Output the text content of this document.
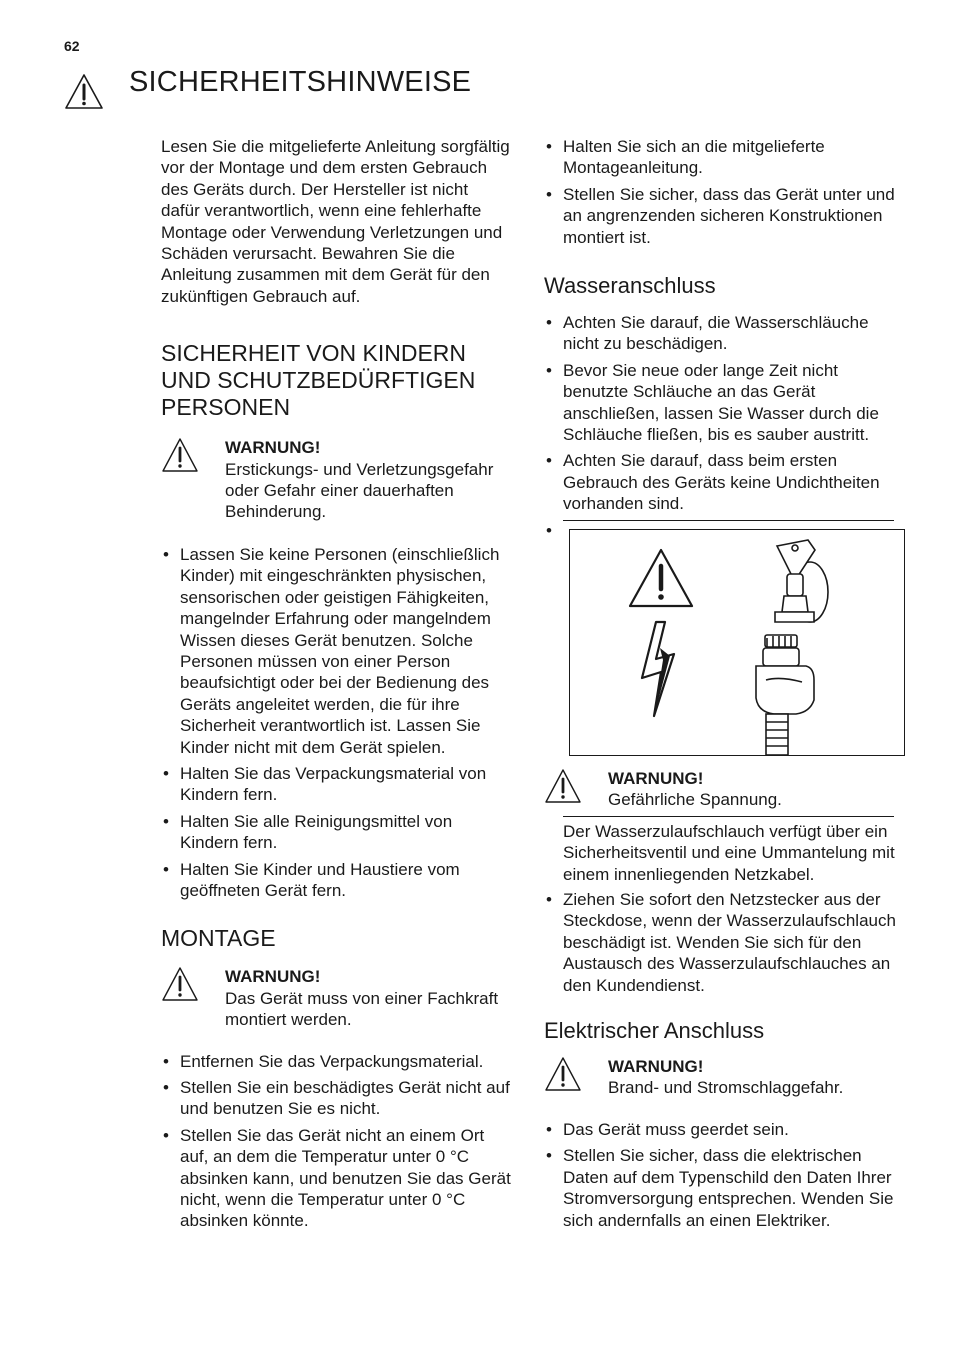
62
SICHERHEITSHINWEISE

Lesen Sie die mitgelieferte Anleitung sorgfältig vor der Montage und dem ersten Gebrauch des Geräts durch. Der Hersteller ist nicht dafür verantwortlich, wenn eine fehlerhafte Montage oder Verwendung Verletzungen und Schäden verursacht. Bewahren Sie die Anleitung zusammen mit dem Gerät für den zukünftigen Gebrauch auf.

SICHERHEIT VON KINDERN UND SCHUTZBEDÜRFTIGEN PERSONEN
WARNUNG!
Erstickungs- und Verletzungsgefahr oder Gefahr einer dauerhaften Behinderung.
• Lassen Sie keine Personen (einschließlich Kinder) mit eingeschränkten physischen, sensorischen oder geistigen Fähigkeiten, mangelnder Erfahrung oder mangelndem Wissen dieses Gerät benutzen. Solche Personen müssen von einer Person beaufsichtigt oder bei der Bedienung des Geräts angeleitet werden, die für ihre Sicherheit verantwortlich ist. Lassen Sie Kinder nicht mit dem Gerät spielen.
• Halten Sie das Verpackungsmaterial von Kindern fern.
• Halten Sie alle Reinigungsmittel von Kindern fern.
• Halten Sie Kinder und Haustiere vom geöffneten Gerät fern.
MONTAGE
WARNUNG!
Das Gerät muss von einer Fachkraft montiert werden.
• Entfernen Sie das Verpackungsmaterial.
• Stellen Sie ein beschädigtes Gerät nicht auf und benutzen Sie es nicht.
• Stellen Sie das Gerät nicht an einem Ort auf, an dem die Temperatur unter 0 °C absinken kann, und benutzen Sie das Gerät nicht, wenn die Temperatur unter 0 °C absinken könnte.
• Halten Sie sich an die mitgelieferte Montageanleitung.
• Stellen Sie sicher, dass das Gerät unter und an angrenzenden sicheren Konstruktionen montiert ist.
Wasseranschluss
• Achten Sie darauf, die Wasserschläuche nicht zu beschädigen.
• Bevor Sie neue oder lange Zeit nicht benutzte Schläuche an das Gerät anschließen, lassen Sie Wasser durch die Schläuche fließen, bis es sauber austritt.
• Achten Sie darauf, dass beim ersten Gebrauch des Geräts keine Undichtheiten vorhanden sind.
•
WARNUNG!
Gefährliche Spannung.

Der Wasserzulaufschlauch verfügt über ein Sicherheitsventil und eine Ummantelung mit einem innenliegenden Netzkabel.

• Ziehen Sie sofort den Netzstecker aus der Steckdose, wenn der Wasserzulaufschlauch beschädigt ist. Wenden Sie sich für den Austausch des Wasserzulaufschlauches an den Kundendienst.
Elektrischer Anschluss
WARNUNG!
Brand- und Stromschlaggefahr.
• Das Gerät muss geerdet sein.
• Stellen Sie sicher, dass die elektrischen Daten auf dem Typenschild den Daten Ihrer Stromversorgung entsprechen. Wenden Sie sich andernfalls an einen Elektriker.
